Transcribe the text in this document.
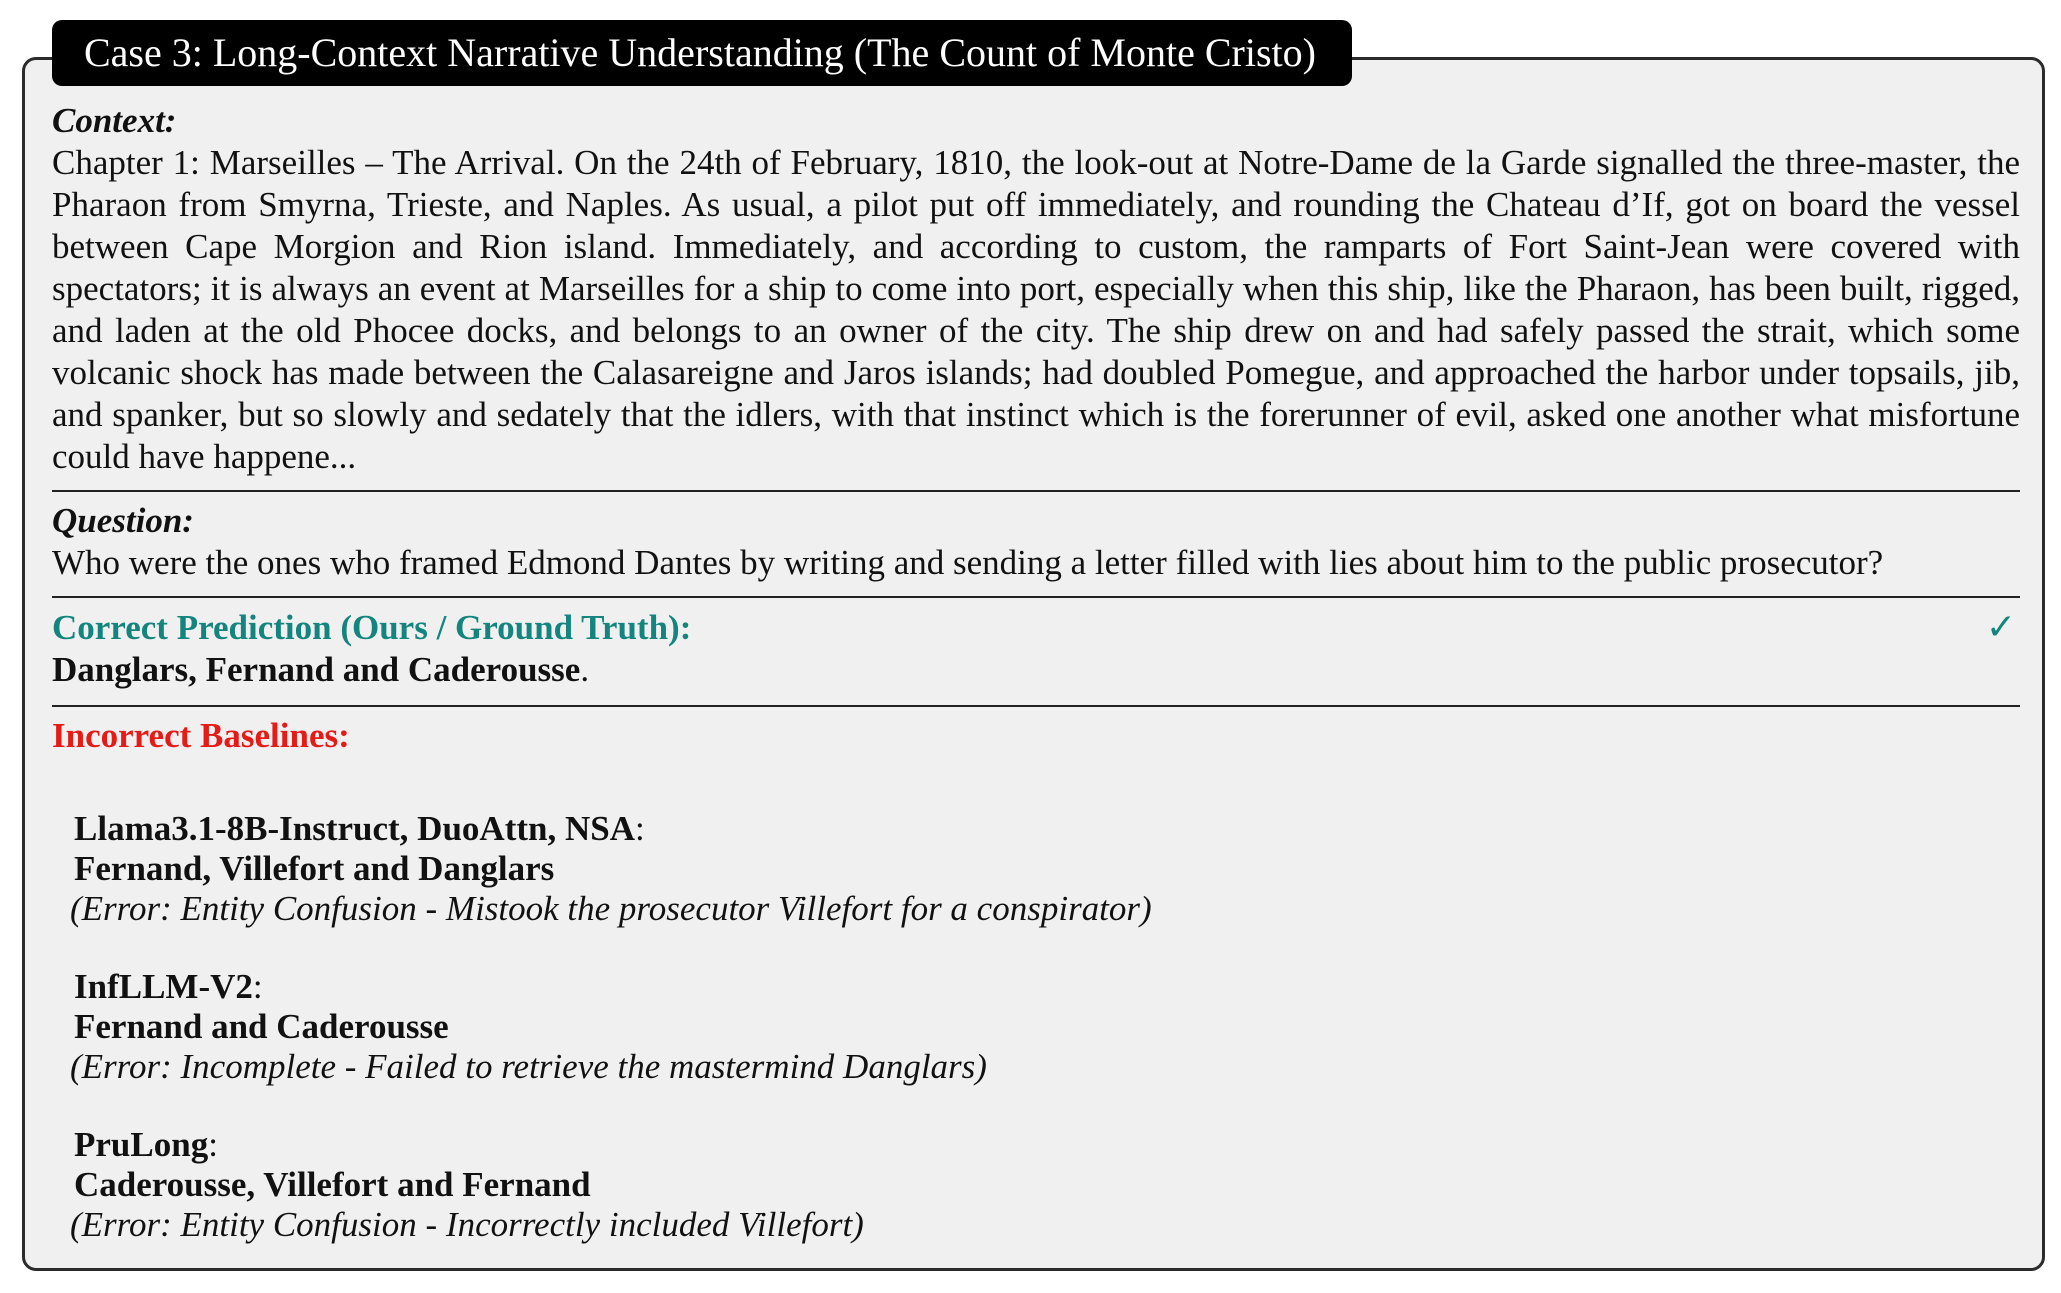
Case 3: Long-Context Narrative Understanding (The Count of Monte Cristo)
Context:
Chapter 1: Marseilles – The Arrival. On the 24th of February, 1810, the look-out at Notre-Dame de la Garde signalled the three-master, the Pharaon from Smyrna, Trieste, and Naples. As usual, a pilot put off immediately, and rounding the Chateau d’If, got on board the vessel between Cape Morgion and Rion island. Immediately, and according to custom, the ramparts of Fort Saint-Jean were covered with spectators; it is always an event at Marseilles for a ship to come into port, especially when this ship, like the Pharaon, has been built, rigged, and laden at the old Phocee docks, and belongs to an owner of the city. The ship drew on and had safely passed the strait, which some volcanic shock has made between the Calasareigne and Jaros islands; had doubled Pomegue, and approached the harbor under topsails, jib, and spanker, but so slowly and sedately that the idlers, with that instinct which is the forerunner of evil, asked one another what misfortune could have happene...
Question:
Who were the ones who framed Edmond Dantes by writing and sending a letter filled with lies about him to the public prosecutor?
Correct Prediction (Ours / Ground Truth):	✓
Danglars, Fernand and Caderousse.
Incorrect Baselines:
Llama3.1-8B-Instruct, DuoAttn, NSA:
Fernand, Villefort and Danglars
(Error: Entity Confusion - Mistook the prosecutor Villefort for a conspirator)
InfLLM-V2:
Fernand and Caderousse
(Error: Incomplete - Failed to retrieve the mastermind Danglars)
PruLong:
Caderousse, Villefort and Fernand
(Error: Entity Confusion - Incorrectly included Villefort)
